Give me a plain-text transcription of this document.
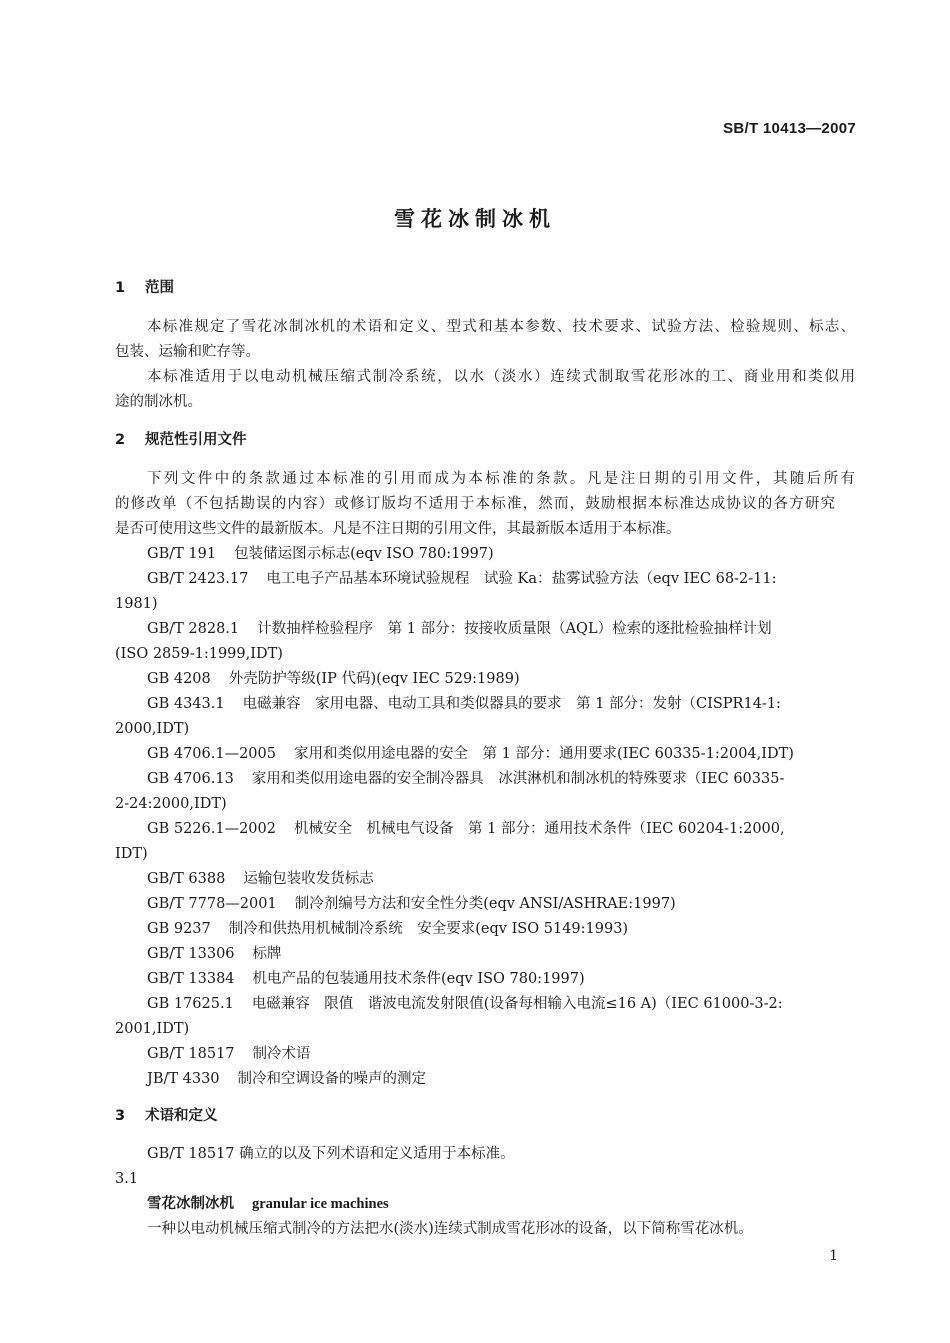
SB/T 10413—2007
雪花冰制冰机
1 范围
本标准规定了雪花冰制冰机的术语和定义、型式和基本参数、技术要求、试验方法、检验规则、标志、
包装、运输和贮存等。
本标准适用于以电动机械压缩式制冷系统，以水（淡水）连续式制取雪花形冰的工、商业用和类似用
途的制冰机。
2 规范性引用文件
下列文件中的条款通过本标准的引用而成为本标准的条款。凡是注日期的引用文件，其随后所有
的修改单（不包括勘误的内容）或修订版均不适用于本标准，然而，鼓励根据本标准达成协议的各方研究
是否可使用这些文件的最新版本。凡是不注日期的引用文件，其最新版本适用于本标准。
GB/T 191 包装储运图示标志(eqv ISO 780:1997)
GB/T 2423.17 电工电子产品基本环境试验规程　试验 Ka：盐雾试验方法（eqv IEC 68-2-11:
1981)
GB/T 2828.1 计数抽样检验程序　第 1 部分：按接收质量限（AQL）检索的逐批检验抽样计划
(ISO 2859-1:1999,IDT)
GB 4208 外壳防护等级(IP 代码)(eqv IEC 529:1989)
GB 4343.1 电磁兼容　家用电器、电动工具和类似器具的要求　第 1 部分：发射（CISPR14-1:
2000,IDT)
GB 4706.1—2005 家用和类似用途电器的安全　第 1 部分：通用要求(IEC 60335-1:2004,IDT)
GB 4706.13 家用和类似用途电器的安全制冷器具　冰淇淋机和制冰机的特殊要求（IEC 60335-
2-24:2000,IDT)
GB 5226.1—2002 机械安全　机械电气设备　第 1 部分：通用技术条件（IEC 60204-1:2000,
IDT)
GB/T 6388 运输包装收发货标志
GB/T 7778—2001 制冷剂编号方法和安全性分类(eqv ANSI/ASHRAE:1997)
GB 9237 制冷和供热用机械制冷系统　安全要求(eqv ISO 5149:1993)
GB/T 13306 标牌
GB/T 13384 机电产品的包装通用技术条件(eqv ISO 780:1997)
GB 17625.1 电磁兼容　限值　谐波电流发射限值(设备每相输入电流≤16 A)（IEC 61000-3-2:
2001,IDT)
GB/T 18517 制冷术语
JB/T 4330 制冷和空调设备的噪声的测定
3 术语和定义
GB/T 18517 确立的以及下列术语和定义适用于本标准。
3.1
雪花冰制冰机 granular ice machines
一种以电动机械压缩式制冷的方法把水(淡水)连续式制成雪花形冰的设备，以下简称雪花冰机。
1
